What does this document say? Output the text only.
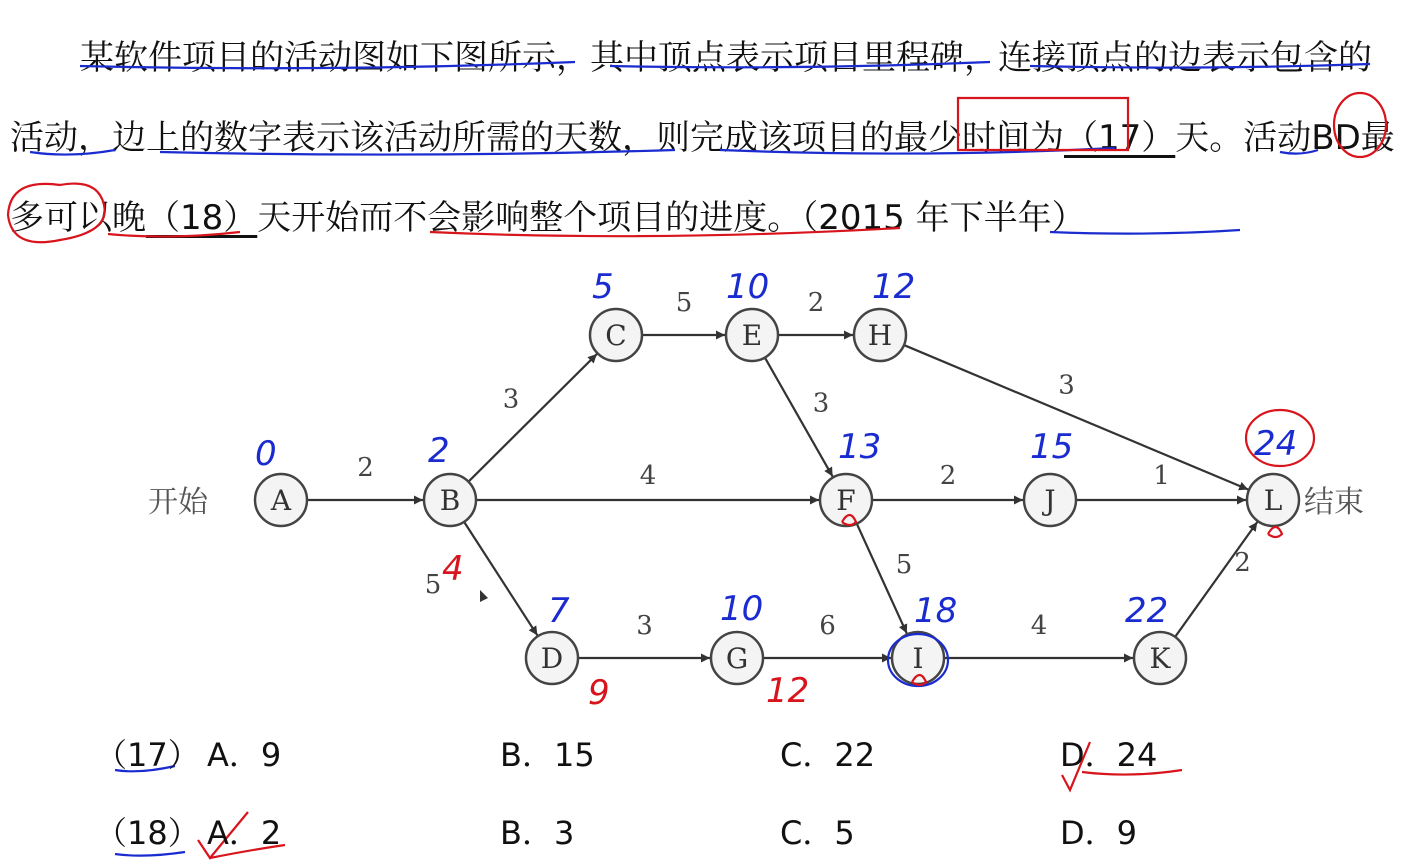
某软件项目的活动图如下图所示，其中顶点表示项目里程碑，连接顶点的边表示包含的活动，边上的数字表示该活动所需的天数，则完成该项目的最少时间为（17）天。活动BD最多可以晚（18）天开始而不会影响整个项目的进度。（2015 年下半年）
2
3
4
5
5	2
3
3
2
5
1
3	6	4
2
A	B
C
D
E
F
G
H
I
J
K
L
0	2
5
7
10
13
10
12
18
15
22
24
4
9	12
开始	结束
（17） A．9	B．15	C．22	D．24
（18） A．2	B．3	C．5	D．9
